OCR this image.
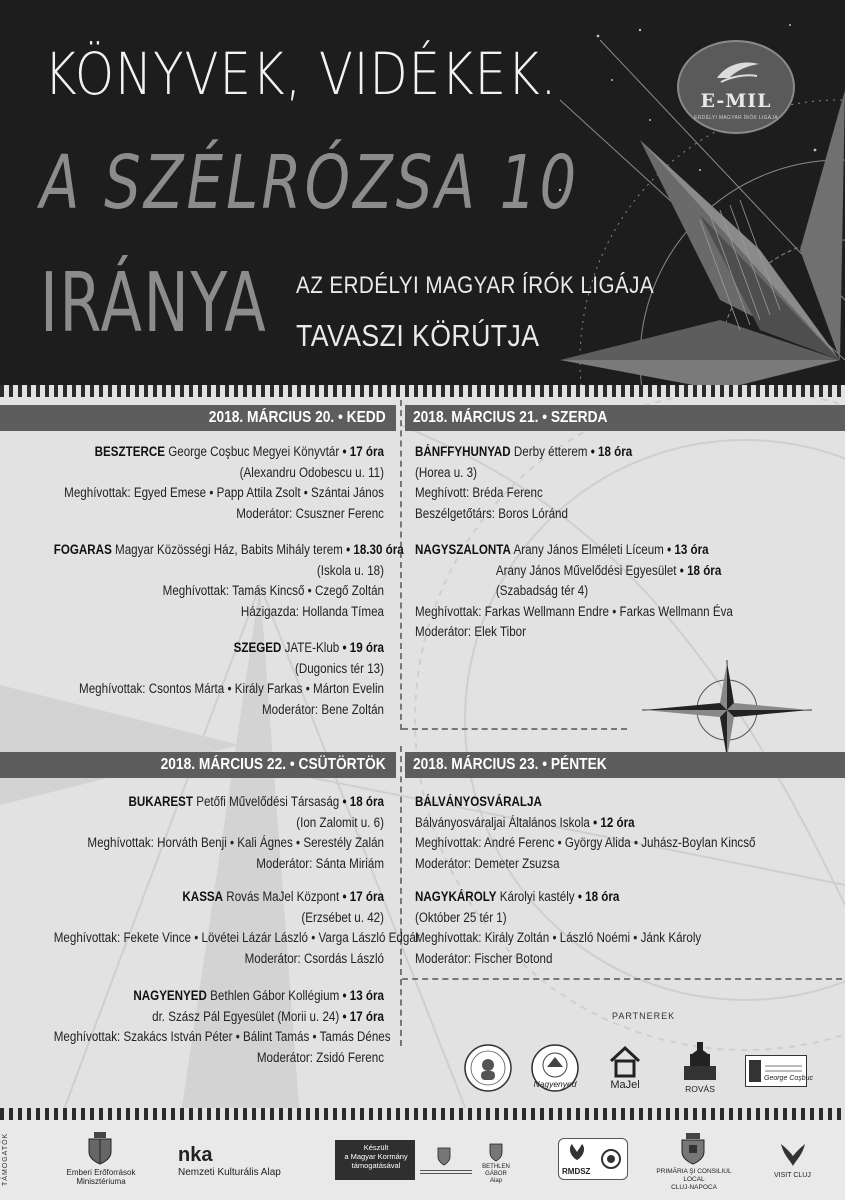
KÖNYVEK, VIDÉKEK.
A SZÉLRÓZSA 10
IRÁNYA AZ ERDÉLYI MAGYAR ÍRÓK LIGÁJA
TAVASZI KÖRÚTJA
E-MIL
ERDÉLYI MAGYAR ÍRÓK LIGÁJA
2018. MÁRCIUS 20. • KEDD
BESZTERCE George Coşbuc Megyei Könyvtár • 17 óra
(Alexandru Odobescu u. 11)
Meghívottak: Egyed Emese • Papp Attila Zsolt • Szántai János
Moderátor: Csuszner Ferenc
FOGARAS Magyar Közösségi Ház, Babits Mihály terem • 18.30 óra
(Iskola u. 18)
Meghívottak: Tamás Kincső • Czegő Zoltán
Házigazda: Hollanda Tímea
SZEGED JATE-Klub • 19 óra
(Dugonics tér 13)
Meghívottak: Csontos Márta • Király Farkas • Márton Evelin
Moderátor: Bene Zoltán
2018. MÁRCIUS 21. • SZERDA
BÁNFFYHUNYAD Derby étterem • 18 óra
(Horea u. 3)
Meghívott: Bréda Ferenc
Beszélgetőtárs: Boros Lóránd
NAGYSZALONTA Arany János Elméleti Líceum • 13 óra
Arany János Művelődési Egyesület • 18 óra
(Szabadság tér 4)
Meghívottak: Farkas Wellmann Endre • Farkas Wellmann Éva
Moderátor: Elek Tibor
2018. MÁRCIUS 22. • CSÜTÖRTÖK
BUKAREST Petőfi Művelődési Társaság • 18 óra
(Ion Zalomit u. 6)
Meghívottak: Horváth Benji • Kali Ágnes • Serestély Zalán
Moderátor: Sánta Miriám
KASSA Rovás MaJel Központ • 17 óra
(Erzsébet u. 42)
Meghívottak: Fekete Vince • Lövétei Lázár László • Varga László Edgár
Moderátor: Csordás László
NAGYENYED Bethlen Gábor Kollégium • 13 óra
dr. Szász Pál Egyesület (Morii u. 24) • 17 óra
Meghívottak: Szakács István Péter • Bálint Tamás • Tamás Dénes
Moderátor: Zsidó Ferenc
2018. MÁRCIUS 23. • PÉNTEK
BÁLVÁNYOSVÁRALJA
Bálványosváraljai Általános Iskola • 12 óra
Meghívottak: André Ferenc • György Alida • Juhász-Boylan Kincső
Moderátor: Demeter Zsuzsa
NAGYKÁROLY Károlyi kastély • 18 óra
(Október 25 tér 1)
Meghívottak: Király Zoltán • László Noémi • Jánk Károly
Moderátor: Fischer Botond
PARTNEREK
Nagyenyed	MaJel	ROVÁS
George Coşbuc
TÁMOGATÓK	Emberi Erőforrások
Minisztériuma
nka
Nemzeti Kulturális Alap
Készült
a Magyar Kormány
támogatásával	BETHLEN GÁBOR
Alap
RMDSZ	PRIMĂRIA ŞI CONSILIUL LOCAL
CLUJ-NAPOCA
VISIT CLUJ
